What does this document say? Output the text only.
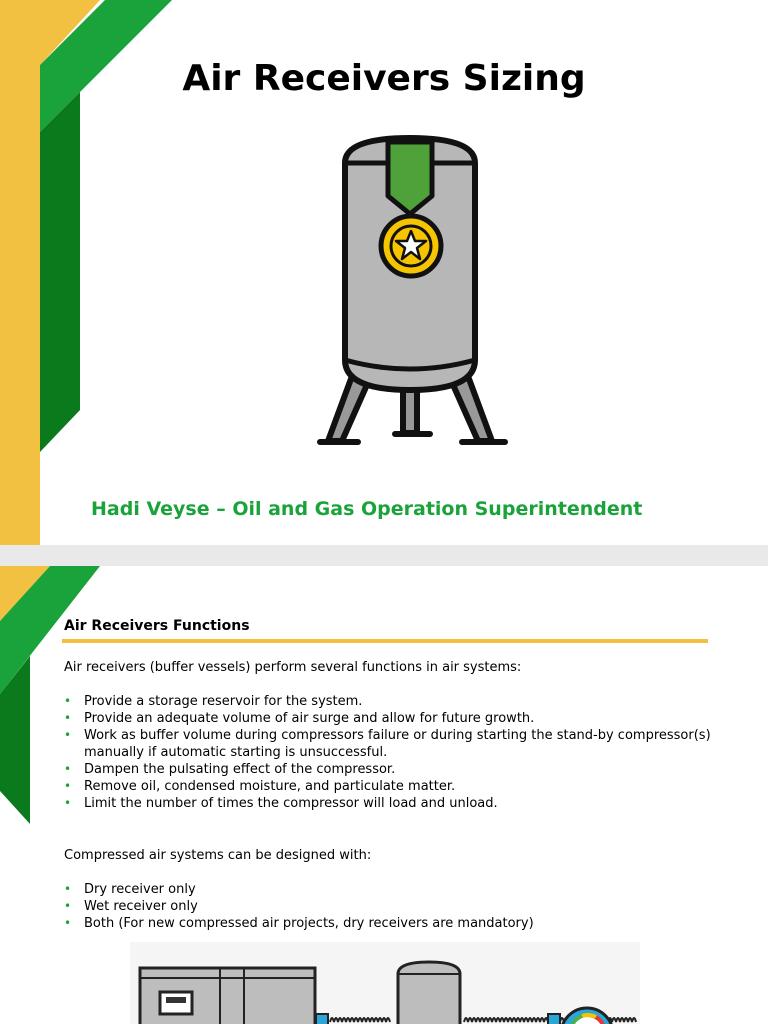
Air Receivers Sizing
Hadi Veyse – Oil and Gas Operation Superintendent
Air Receivers Functions
Air receivers (buffer vessels) perform several functions in air systems:
• Provide a storage reservoir for the system.
• Provide an adequate volume of air surge and allow for future growth.
• Work as buffer volume during compressors failure or during starting the stand-by compressor(s) manually if automatic starting is unsuccessful.
• Dampen the pulsating effect of the compressor.
• Remove oil, condensed moisture, and particulate matter.
• Limit the number of times the compressor will load and unload.
Compressed air systems can be designed with:
• Dry receiver only
• Wet receiver only
• Both (For new compressed air projects, dry receivers are mandatory)
